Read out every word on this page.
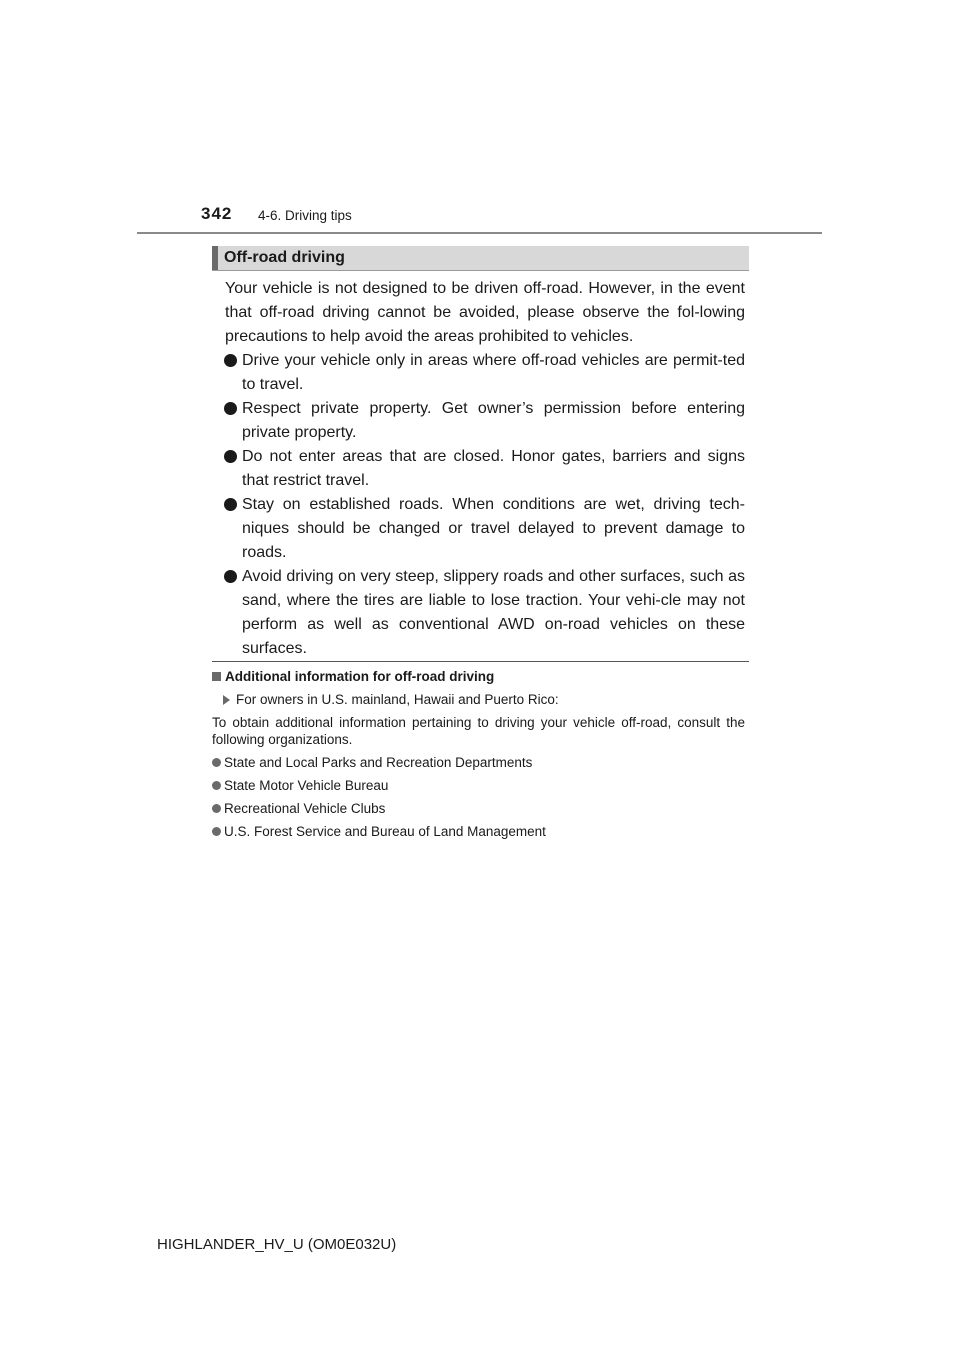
342 4-6. Driving tips
Off-road driving

Your vehicle is not designed to be driven off-road. However, in the event that off-road driving cannot be avoided, please observe the fol-lowing precautions to help avoid the areas prohibited to vehicles.

Drive your vehicle only in areas where off-road vehicles are permit-ted to travel.
Respect private property. Get owner’s permission before entering private property.
Do not enter areas that are closed. Honor gates, barriers and signs that restrict travel.
Stay on established roads. When conditions are wet, driving tech-niques should be changed or travel delayed to prevent damage to roads.
Avoid driving on very steep, slippery roads and other surfaces, such as sand, where the tires are liable to lose traction. Your vehi-cle may not perform as well as conventional AWD on-road vehicles on these surfaces.
Additional information for off-road driving
For owners in U.S. mainland, Hawaii and Puerto Rico:
To obtain additional information pertaining to driving your vehicle off-road, consult the following organizations.
State and Local Parks and Recreation Departments
State Motor Vehicle Bureau
Recreational Vehicle Clubs
U.S. Forest Service and Bureau of Land Management
HIGHLANDER_HV_U (OM0E032U)
